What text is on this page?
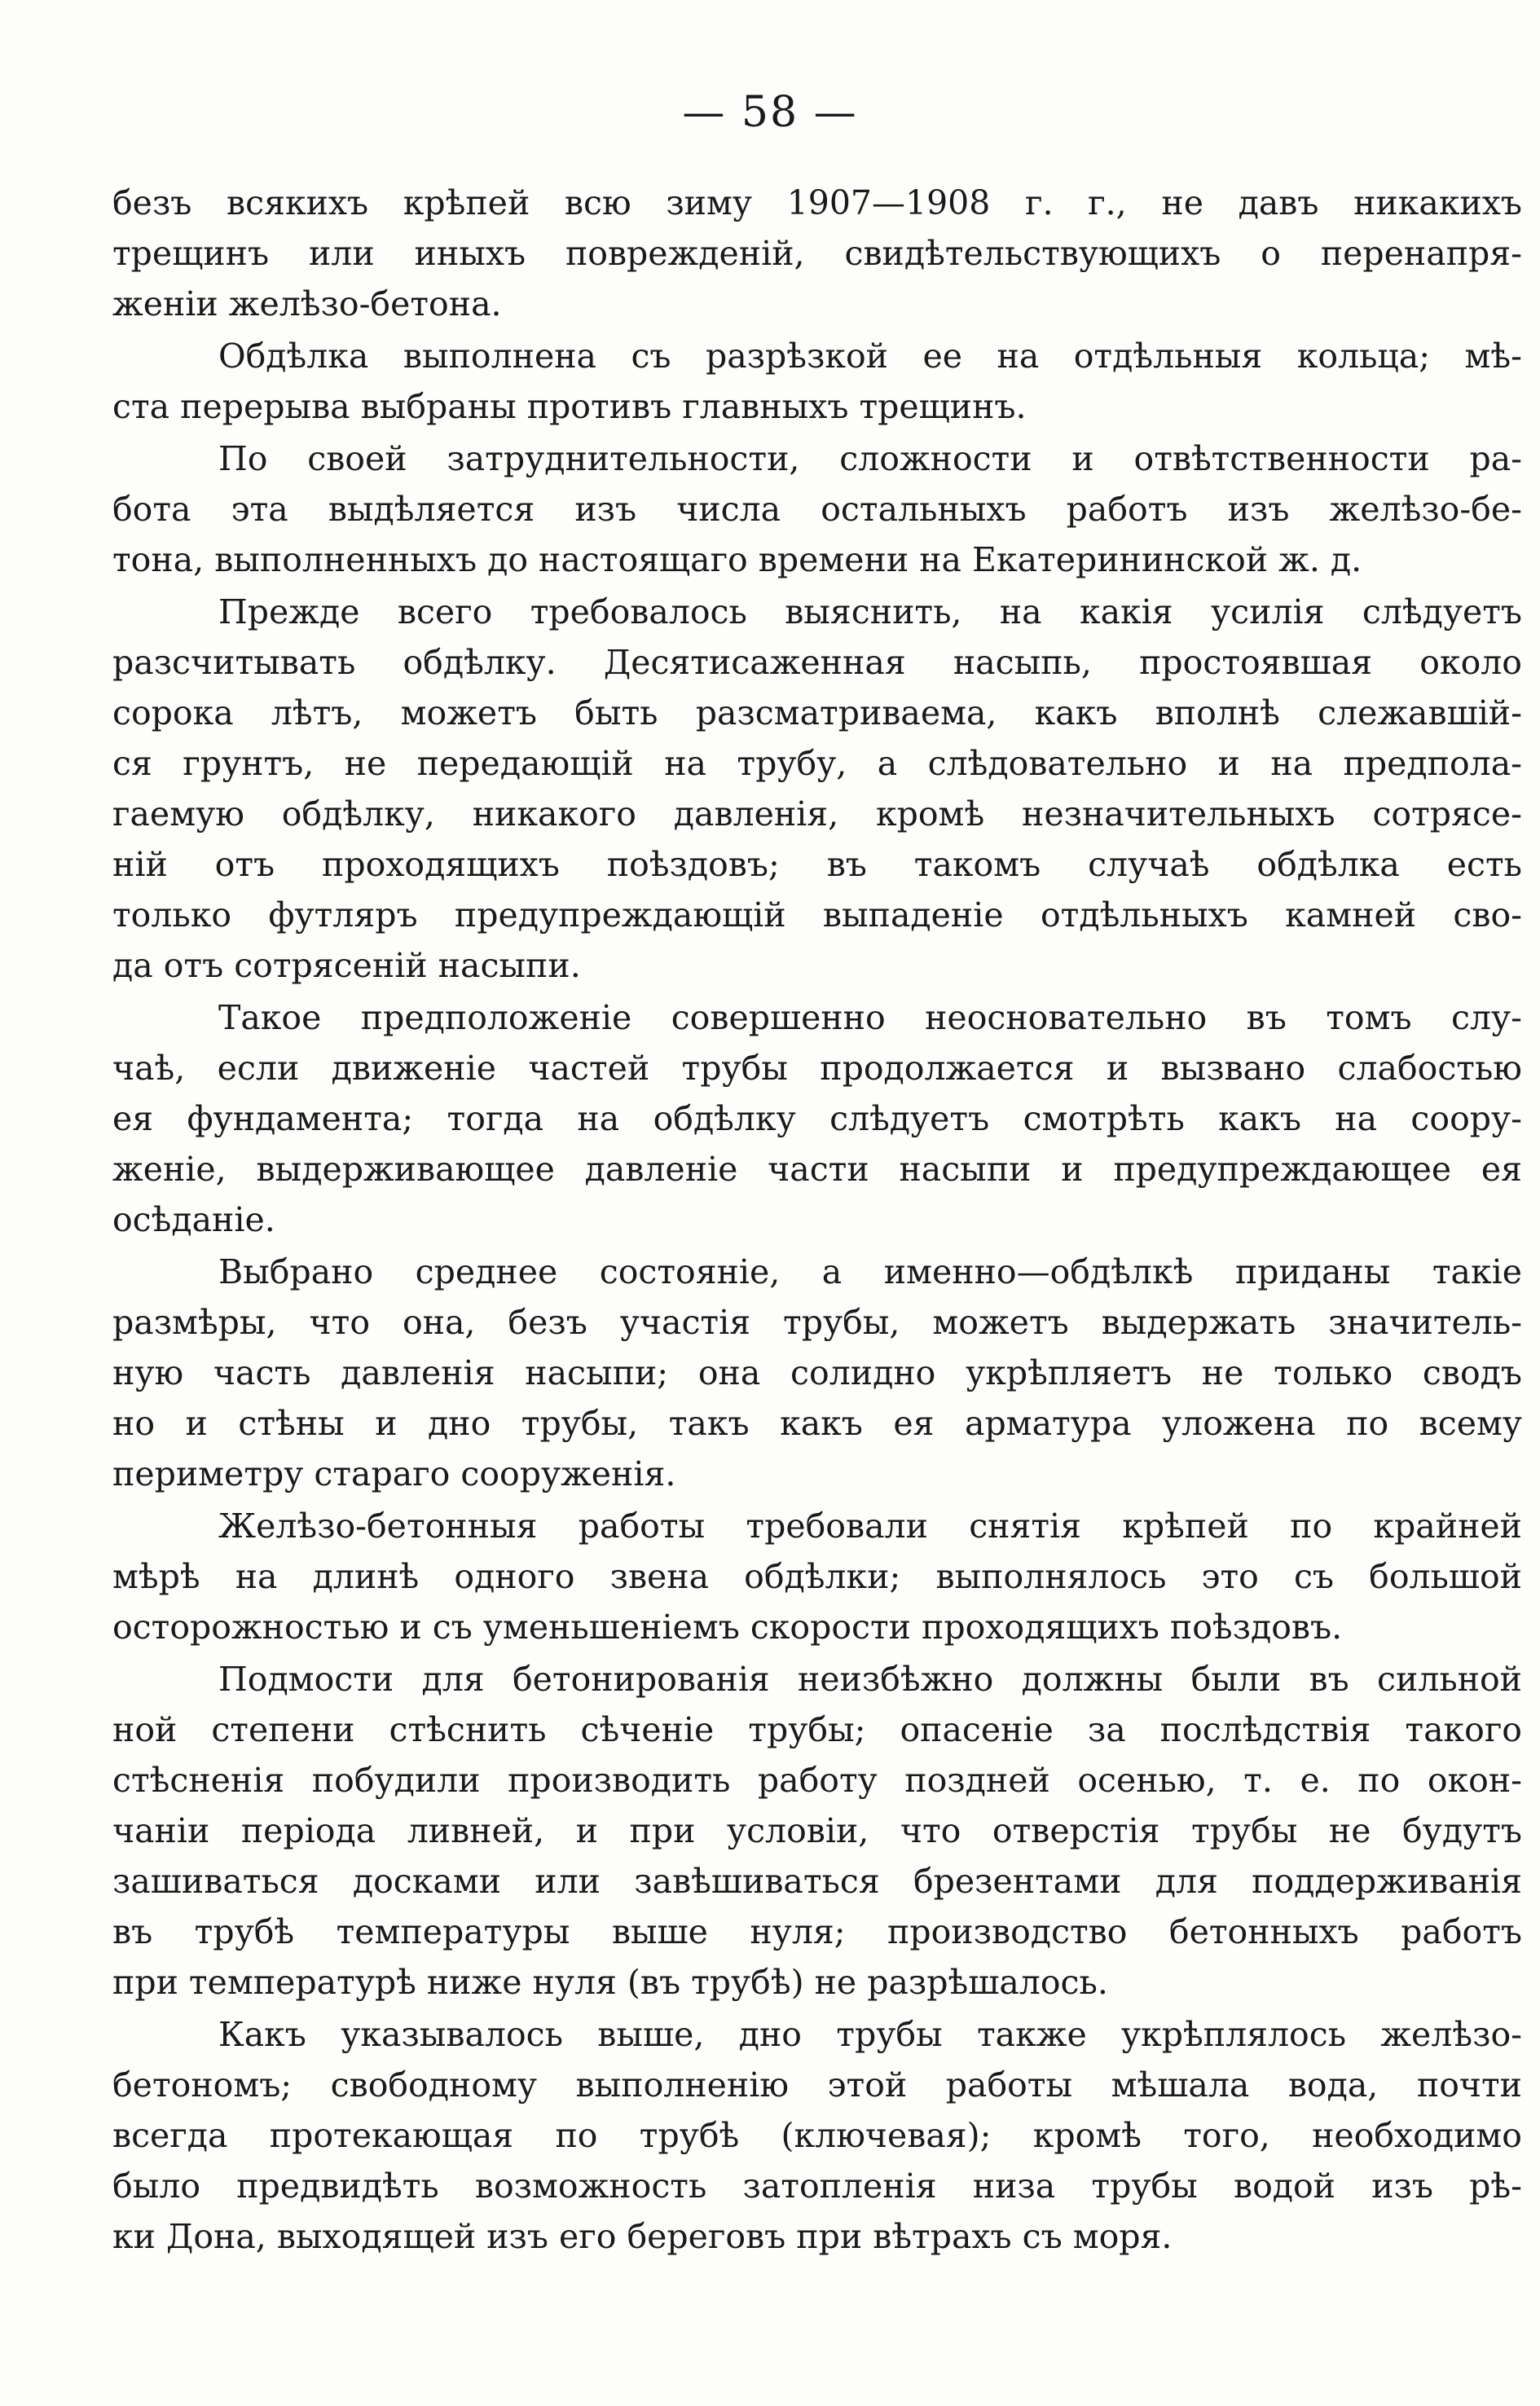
— 58 —
безъ всякихъ крѣпей всю зиму 1907—1908 г. г., не давъ никакихъ
трещинъ или иныхъ поврежденій, свидѣтельствующихъ о перенапря-
женіи желѣзо-бетона.
Обдѣлка выполнена съ разрѣзкой ее на отдѣльныя кольца; мѣ-
ста перерыва выбраны противъ главныхъ трещинъ.
По своей затруднительности, сложности и отвѣтственности ра-
бота эта выдѣляется изъ числа остальныхъ работъ изъ желѣзо-бе-
тона, выполненныхъ до настоящаго времени на Екатерининской ж. д.
Прежде всего требовалось выяснить, на какія усилія слѣдуетъ
разсчитывать обдѣлку. Десятисаженная насыпь, простоявшая около
сорока лѣтъ, можетъ быть разсматриваема, какъ вполнѣ слежавшій-
ся грунтъ, не передающій на трубу, а слѣдовательно и на предпола-
гаемую обдѣлку, никакого давленія, кромѣ незначительныхъ сотрясе-
ній отъ проходящихъ поѣздовъ; въ такомъ случаѣ обдѣлка есть
только футляръ предупреждающій выпаденіе отдѣльныхъ камней сво-
да отъ сотрясеній насыпи.
Такое предположеніе совершенно неосновательно въ томъ слу-
чаѣ, если движеніе частей трубы продолжается и вызвано слабостью
ея фундамента; тогда на обдѣлку слѣдуетъ смотрѣть какъ на соору-
женіе, выдерживающее давленіе части насыпи и предупреждающее ея
осѣданіе.
Выбрано среднее состояніе, а именно—обдѣлкѣ приданы такіе
размѣры, что она, безъ участія трубы, можетъ выдержать значитель-
ную часть давленія насыпи; она солидно укрѣпляетъ не только сводъ
но и стѣны и дно трубы, такъ какъ ея арматура уложена по всему
периметру стараго сооруженія.
Желѣзо-бетонныя работы требовали снятія крѣпей по крайней
мѣрѣ на длинѣ одного звена обдѣлки; выполнялось это съ большой
осторожностью и съ уменьшеніемъ скорости проходящихъ поѣздовъ.
Подмости для бетонированія неизбѣжно должны были въ сильной
ной степени стѣснить сѣченіе трубы; опасеніе за послѣдствія такого
стѣсненія побудили производить работу поздней осенью, т. е. по окон-
чаніи періода ливней, и при условіи, что отверстія трубы не будутъ
зашиваться досками или завѣшиваться брезентами для поддерживанія
въ трубѣ температуры выше нуля; производство бетонныхъ работъ
при температурѣ ниже нуля (въ трубѣ) не разрѣшалось.
Какъ указывалось выше, дно трубы также укрѣплялось желѣзо-
бетономъ; свободному выполненію этой работы мѣшала вода, почти
всегда протекающая по трубѣ (ключевая); кромѣ того, необходимо
было предвидѣть возможность затопленія низа трубы водой изъ рѣ-
ки Дона, выходящей изъ его береговъ при вѣтрахъ съ моря.
